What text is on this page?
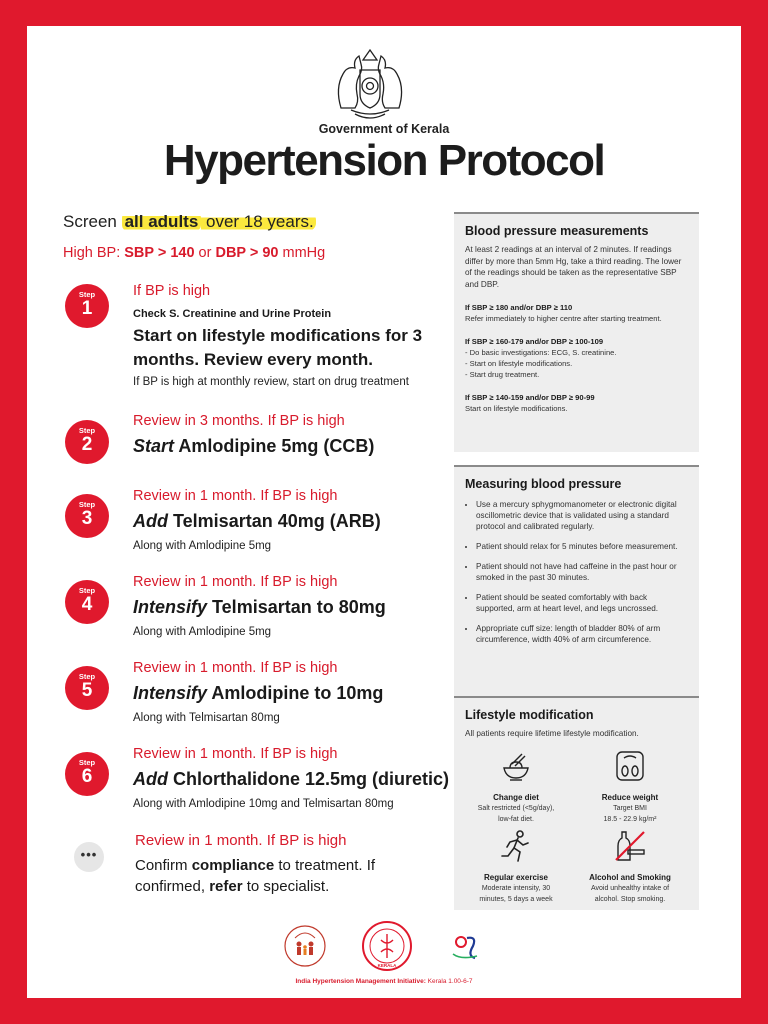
Government of Kerala
Hypertension Protocol
Screen all adults over 18 years.
High BP: SBP > 140 or DBP > 90 mmHg
Step
1
If BP is high
Check S. Creatinine and Urine Protein
Start on lifestyle modifications for 3 months. Review every month.
If BP is high at monthly review, start on drug treatment
Step
2
Review in 3 months. If BP is high
Start Amlodipine 5mg (CCB)
Step
3
Review in 1 month. If BP is high
Add Telmisartan 40mg (ARB)
Along with Amlodipine 5mg
Step
4
Review in 1 month. If BP is high
Intensify Telmisartan to 80mg
Along with Amlodipine 5mg
Step
5
Review in 1 month. If BP is high
Intensify Amlodipine to 10mg
Along with Telmisartan 80mg
Step
6
Review in 1 month. If BP is high
Add Chlorthalidone 12.5mg (diuretic)
Along with Amlodipine 10mg and Telmisartan 80mg
•••
Review in 1 month. If BP is high
Confirm compliance to treatment. If confirmed, refer to specialist.
Blood pressure measurements
At least 2 readings at an interval of 2 minutes. If readings differ by more than 5mm Hg, take a third reading. The lower of the readings should be taken as the representative SBP and DBP.
If SBP ≥ 180 and/or DBP ≥ 110
Refer immediately to higher centre after starting treatment.
If SBP ≥ 160-179 and/or DBP ≥ 100-109
- Do basic investigations: ECG, S. creatinine.
- Start on lifestyle modifications.
- Start drug treatment.
If SBP ≥ 140-159 and/or DBP ≥ 90-99
Start on lifestyle modifications.
Measuring blood pressure
• Use a mercury sphygmomanometer or electronic digital oscillometric device that is validated using a standard protocol and calibrated regularly.
• Patient should relax for 5 minutes before measurement.
• Patient should not have had caffeine in the past hour or smoked in the past 30 minutes.
• Patient should be seated comfortably with back supported, arm at heart level, and legs uncrossed.
• Appropriate cuff size: length of bladder 80% of arm circumference, width 40% of arm circumference.
Lifestyle modification
All patients require lifetime lifestyle modification.
Change diet
Salt restricted (<5g/day),
low-fat diet.
Reduce weight
Target BMI
18.5 - 22.9 kg/m²
Regular exercise
Moderate intensity, 30
minutes, 5 days a week
Alcohol and Smoking
Avoid unhealthy intake of
alcohol. Stop smoking.
KERALA
India Hypertension Management Initiative: Kerala 1.00-6-7
